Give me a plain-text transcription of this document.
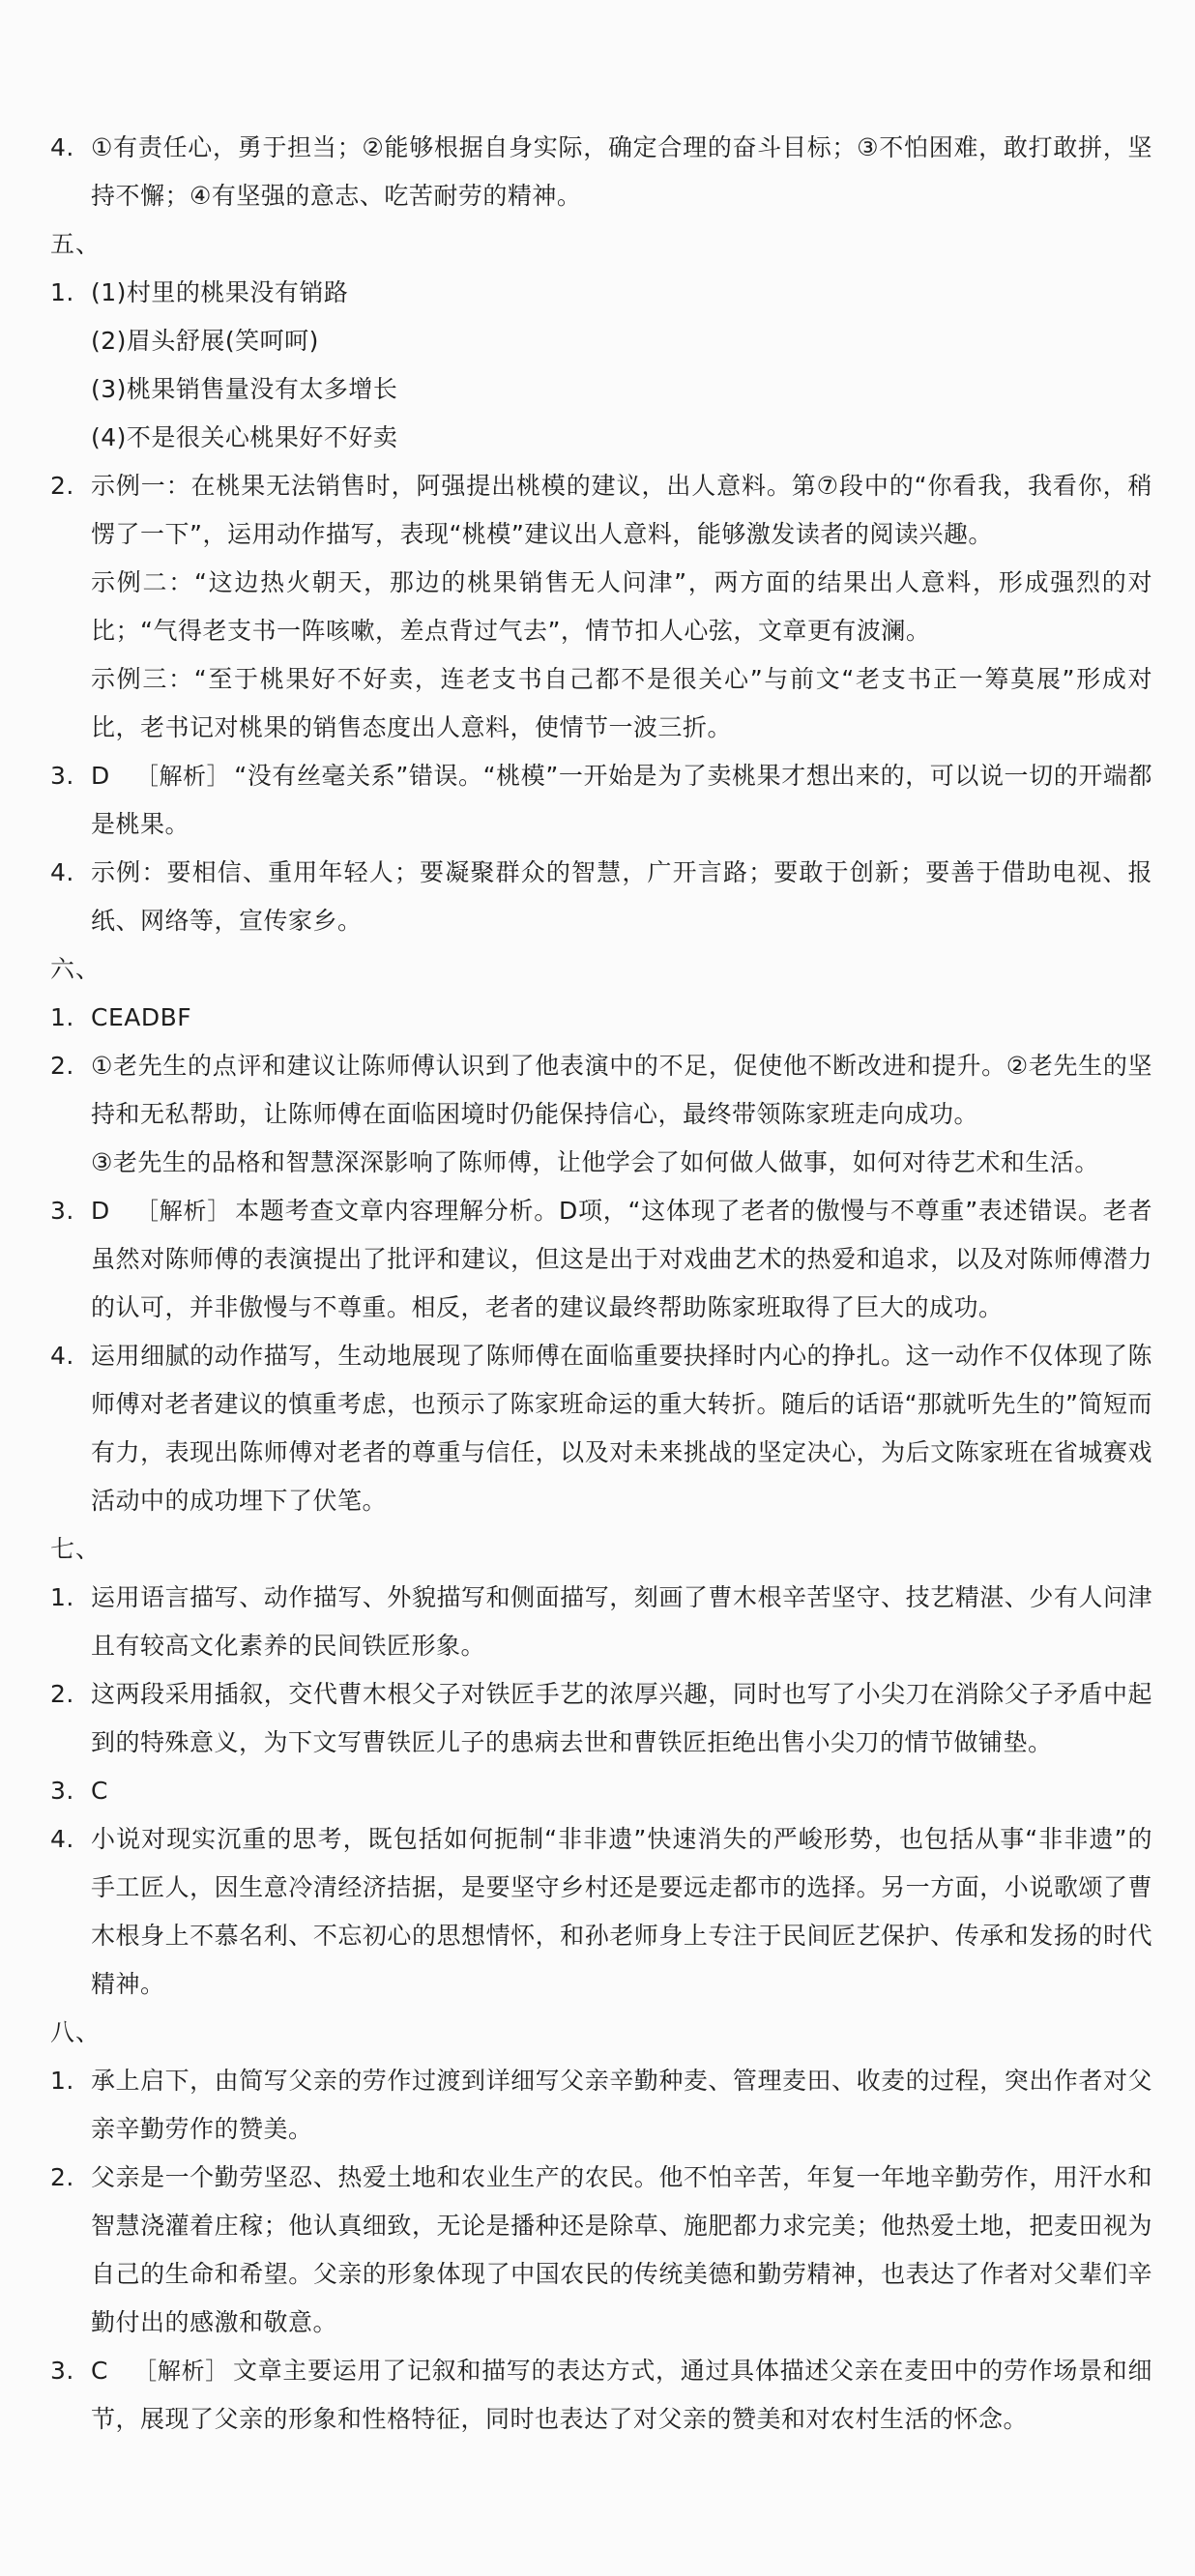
4. ①有责任心，勇于担当；②能够根据自身实际，确定合理的奋斗目标；③不怕困难，敢打敢拼，坚持不懈；④有坚强的意志、吃苦耐劳的精神。

五、
1. (1)村里的桃果没有销路

(2)眉头舒展(笑呵呵)

(3)桃果销售量没有太多增长

(4)不是很关心桃果好不好卖

2. 示例一：在桃果无法销售时，阿强提出桃模的建议，出人意料。第⑦段中的“你看我，我看你，稍愣了一下”，运用动作描写，表现“桃模”建议出人意料，能够激发读者的阅读兴趣。

示例二：“这边热火朝天，那边的桃果销售无人问津”，两方面的结果出人意料，形成强烈的对比；“气得老支书一阵咳嗽，差点背过气去”，情节扣人心弦，文章更有波澜。

示例三：“至于桃果好不好卖，连老支书自己都不是很关心”与前文“老支书正一筹莫展”形成对比，老书记对桃果的销售态度出人意料，使情节一波三折。

3. D ［解析］ “没有丝毫关系”错误。“桃模”一开始是为了卖桃果才想出来的，可以说一切的开端都是桃果。

4. 示例：要相信、重用年轻人；要凝聚群众的智慧，广开言路；要敢于创新；要善于借助电视、报纸、网络等，宣传家乡。

六、
1. CEADBF

2. ①老先生的点评和建议让陈师傅认识到了他表演中的不足，促使他不断改进和提升。②老先生的坚持和无私帮助，让陈师傅在面临困境时仍能保持信心，最终带领陈家班走向成功。

③老先生的品格和智慧深深影响了陈师傅，让他学会了如何做人做事，如何对待艺术和生活。

3. D ［解析］ 本题考查文章内容理解分析。D项，“这体现了老者的傲慢与不尊重”表述错误。老者虽然对陈师傅的表演提出了批评和建议，但这是出于对戏曲艺术的热爱和追求，以及对陈师傅潜力的认可，并非傲慢与不尊重。相反，老者的建议最终帮助陈家班取得了巨大的成功。

4. 运用细腻的动作描写，生动地展现了陈师傅在面临重要抉择时内心的挣扎。这一动作不仅体现了陈师傅对老者建议的慎重考虑，也预示了陈家班命运的重大转折。随后的话语“那就听先生的”简短而有力，表现出陈师傅对老者的尊重与信任，以及对未来挑战的坚定决心，为后文陈家班在省城赛戏活动中的成功埋下了伏笔。

七、
1. 运用语言描写、动作描写、外貌描写和侧面描写，刻画了曹木根辛苦坚守、技艺精湛、少有人问津且有较高文化素养的民间铁匠形象。

2. 这两段采用插叙，交代曹木根父子对铁匠手艺的浓厚兴趣，同时也写了小尖刀在消除父子矛盾中起到的特殊意义，为下文写曹铁匠儿子的患病去世和曹铁匠拒绝出售小尖刀的情节做铺垫。

3. C

4. 小说对现实沉重的思考，既包括如何扼制“非非遗”快速消失的严峻形势，也包括从事“非非遗”的手工匠人，因生意冷清经济拮据，是要坚守乡村还是要远走都市的选择。另一方面，小说歌颂了曹木根身上不慕名利、不忘初心的思想情怀，和孙老师身上专注于民间匠艺保护、传承和发扬的时代精神。

八、
1. 承上启下，由简写父亲的劳作过渡到详细写父亲辛勤种麦、管理麦田、收麦的过程，突出作者对父亲辛勤劳作的赞美。

2. 父亲是一个勤劳坚忍、热爱土地和农业生产的农民。他不怕辛苦，年复一年地辛勤劳作，用汗水和智慧浇灌着庄稼；他认真细致，无论是播种还是除草、施肥都力求完美；他热爱土地，把麦田视为自己的生命和希望。父亲的形象体现了中国农民的传统美德和勤劳精神，也表达了作者对父辈们辛勤付出的感激和敬意。

3. C ［解析］ 文章主要运用了记叙和描写的表达方式，通过具体描述父亲在麦田中的劳作场景和细节，展现了父亲的形象和性格特征，同时也表达了对父亲的赞美和对农村生活的怀念。
